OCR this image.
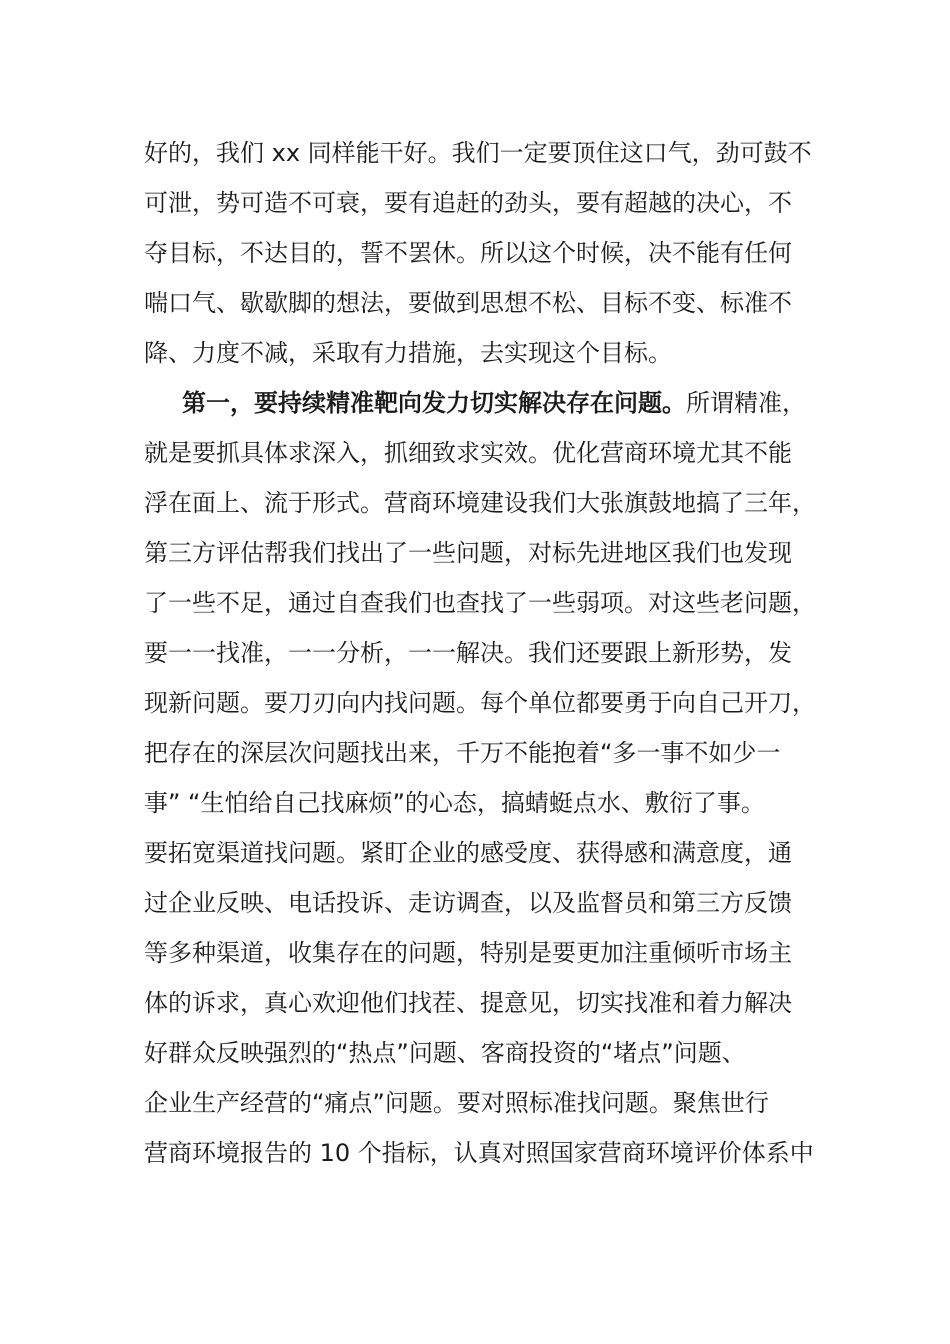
好的，我们 xx 同样能干好。我们一定要顶住这口气，劲可鼓不
可泄，势可造不可衰，要有追赶的劲头，要有超越的决心，不
夺目标，不达目的，誓不罢休。所以这个时候，决不能有任何
喘口气、歇歇脚的想法，要做到思想不松、目标不变、标准不
降、力度不减，采取有力措施，去实现这个目标。
第一，要持续精准靶向发力切实解决存在问题。所谓精准，
就是要抓具体求深入，抓细致求实效。优化营商环境尤其不能
浮在面上、流于形式。营商环境建设我们大张旗鼓地搞了三年，
第三方评估帮我们找出了一些问题，对标先进地区我们也发现
了一些不足，通过自查我们也查找了一些弱项。对这些老问题，
要一一找准，一一分析，一一解决。我们还要跟上新形势，发
现新问题。要刀刃向内找问题。每个单位都要勇于向自己开刀，
把存在的深层次问题找出来，千万不能抱着“多一事不如少一
事” “生怕给自己找麻烦”的心态，搞蜻蜓点水、敷衍了事。
要拓宽渠道找问题。紧盯企业的感受度、获得感和满意度，通
过企业反映、电话投诉、走访调查，以及监督员和第三方反馈
等多种渠道，收集存在的问题，特别是要更加注重倾听市场主
体的诉求，真心欢迎他们找茬、提意见，切实找准和着力解决
好群众反映强烈的“热点”问题、客商投资的“堵点”问题、
企业生产经营的“痛点”问题。要对照标准找问题。聚焦世行
营商环境报告的 10 个指标，认真对照国家营商环境评价体系中
